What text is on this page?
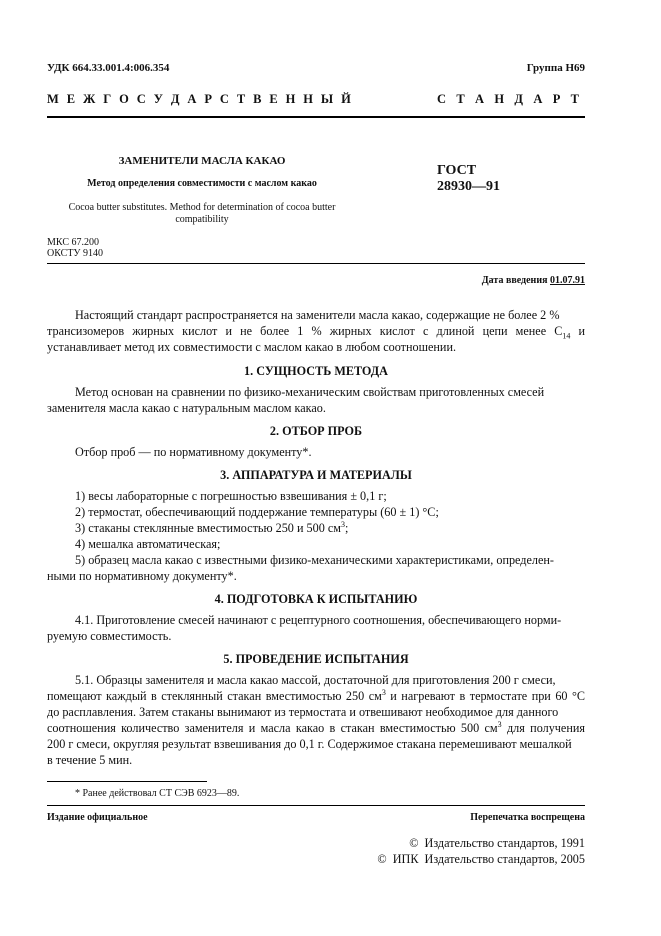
УДК 664.33.001.4:006.354	Группа Н69
М Е Ж Г О С У Д А Р С Т В Е Н Н Ы Й	С Т А Н Д А Р Т
ЗАМЕНИТЕЛИ МАСЛА КАКАО
Метод определения совместимости с маслом какао
Cocoa butter substitutes. Method for determination of cocoa butter
compatibility
ГОСТ
28930—91
МКС 67.200
ОКСТУ 9140
Дата введения 01.07.91
Настоящий стандарт распространяется на заменители масла какао, содержащие не более 2 %
трансизомеров жирных кислот и не более 1 % жирных кислот с длиной цепи менее $С_{14}$ и
устанавливает метод их совместимости с маслом какао в любом соотношении.
1. СУЩНОСТЬ МЕТОДА
Метод основан на сравнении по физико-механическим свойствам приготовленных смесей
заменителя масла какао с натуральным маслом какао.
2. ОТБОР ПРОБ
Отбор проб — по нормативному документу*.
3. АППАРАТУРА И МАТЕРИАЛЫ
1) весы лабораторные с погрешностью взвешивания ± 0,1 г;
2) термостат, обеспечивающий поддержание температуры (60 ± 1) °С;
3) стаканы стеклянные вместимостью 250 и 500 $см^3$;
4) мешалка автоматическая;
5) образец масла какао с известными физико-механическими характеристиками, определен-
ными по нормативному документу*.
4. ПОДГОТОВКА К ИСПЫТАНИЮ
4.1. Приготовление смесей начинают с рецептурного соотношения, обеспечивающего норми-
руемую совместимость.
5. ПРОВЕДЕНИЕ ИСПЫТАНИЯ
5.1. Образцы заменителя и масла какао массой, достаточной для приготовления 200 г смеси,
помещают каждый в стеклянный стакан вместимостью 250 $см^3$ и нагревают в термостате при 60 °С
до расплавления. Затем стаканы вынимают из термостата и отвешивают необходимое для данного
соотношения количество заменителя и масла какао в стакан вместимостью 500 $см^3$ для получения
200 г смеси, округляя результат взвешивания до 0,1 г. Содержимое стакана перемешивают мешалкой
в течение 5 мин.
* Ранее действовал СТ СЭВ 6923—89.
Издание официальное	Перепечатка воспрещена
©  Издательство стандартов, 1991
©  ИПК  Издательство стандартов, 2005
